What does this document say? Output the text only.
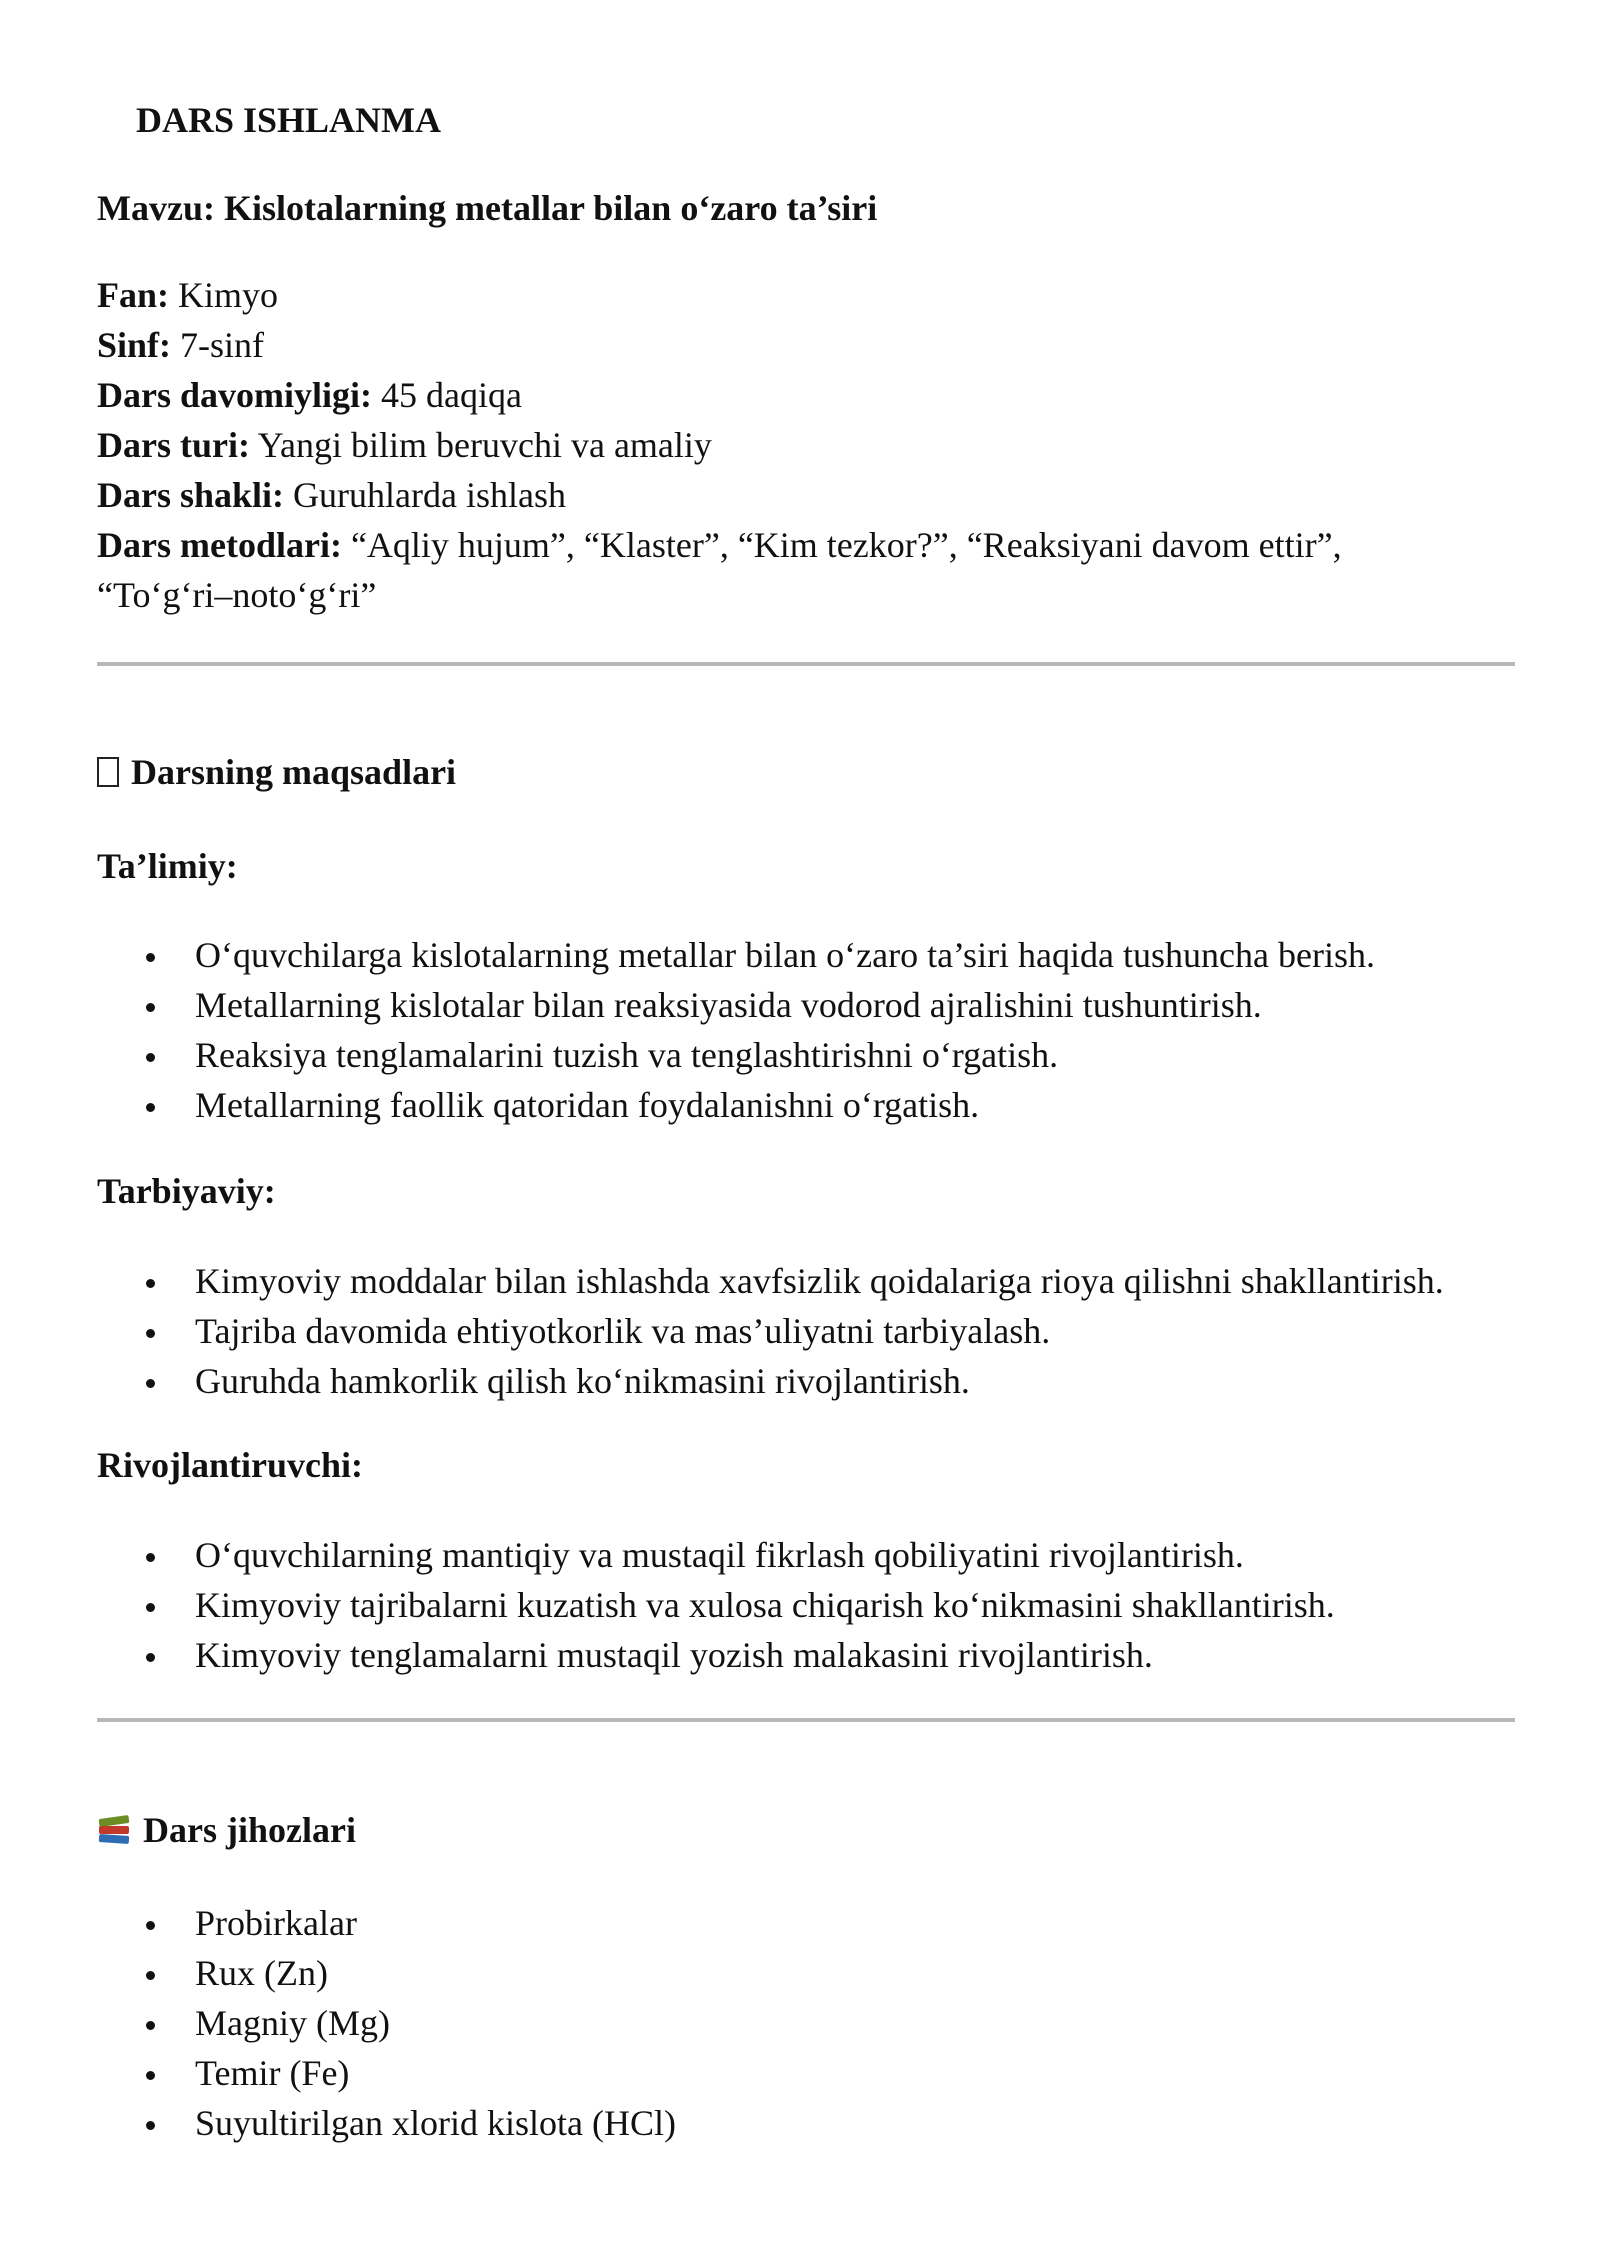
DARS ISHLANMA

Mavzu: Kislotalarning metallar bilan o‘zaro ta’siri

Fan: Kimyo

Sinf: 7-sinf

Dars davomiyligi: 45 daqiqa

Dars turi: Yangi bilim beruvchi va amaliy

Dars shakli: Guruhlarda ishlash

Dars metodlari: “Aqliy hujum”, “Klaster”, “Kim tezkor?”, “Reaksiyani davom ettir”,

“To‘g‘ri–noto‘g‘ri”

Darsning maqsadlari

Ta’limiy:

O‘quvchilarga kislotalarning metallar bilan o‘zaro ta’siri haqida tushuncha berish.
Metallarning kislotalar bilan reaksiyasida vodorod ajralishini tushuntirish.
Reaksiya tenglamalarini tuzish va tenglashtirishni o‘rgatish.
Metallarning faollik qatoridan foydalanishni o‘rgatish.

Tarbiyaviy:

Kimyoviy moddalar bilan ishlashda xavfsizlik qoidalariga rioya qilishni shakllantirish.
Tajriba davomida ehtiyotkorlik va mas’uliyatni tarbiyalash.
Guruhda hamkorlik qilish ko‘nikmasini rivojlantirish.

Rivojlantiruvchi:

O‘quvchilarning mantiqiy va mustaqil fikrlash qobiliyatini rivojlantirish.
Kimyoviy tajribalarni kuzatish va xulosa chiqarish ko‘nikmasini shakllantirish.
Kimyoviy tenglamalarni mustaqil yozish malakasini rivojlantirish.
Dars jihozlari
Probirkalar
Rux (Zn)
Magniy (Mg)
Temir (Fe)
Suyultirilgan xlorid kislota (HCl)
